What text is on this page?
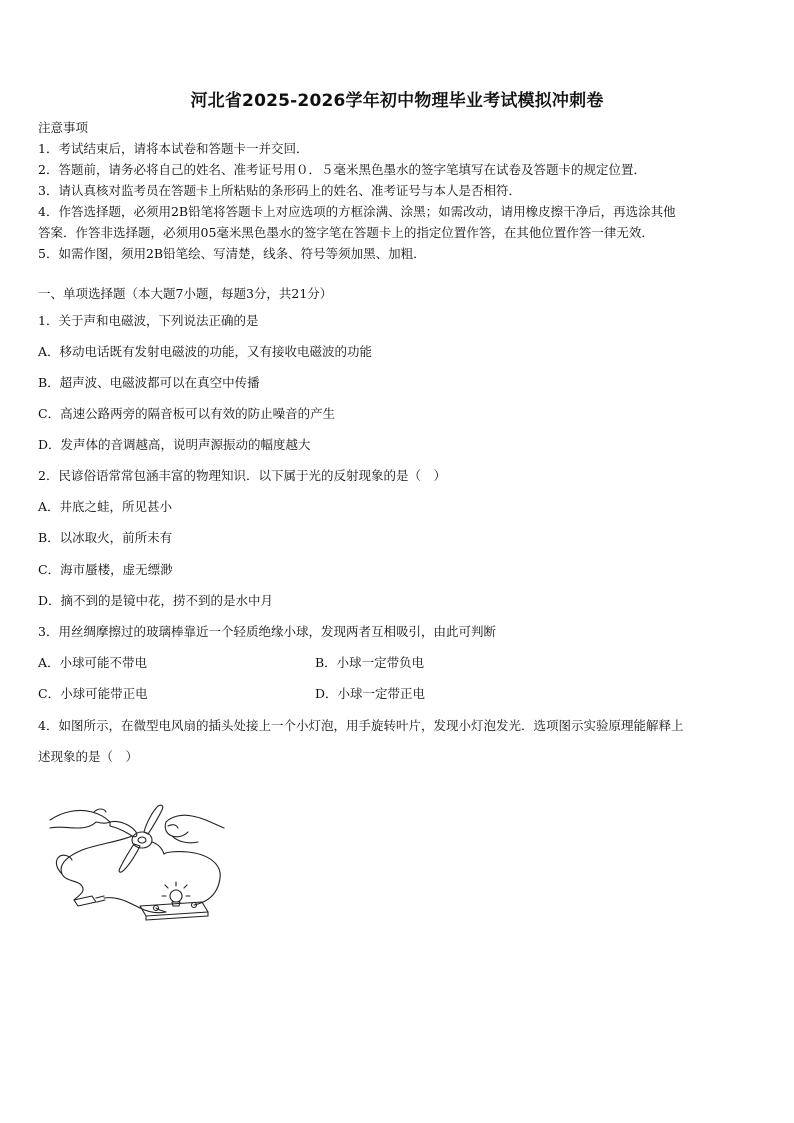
河北省2025-2026学年初中物理毕业考试模拟冲刺卷
注意事项
1．考试结束后，请将本试卷和答题卡一并交回．
2．答题前，请务必将自己的姓名、准考证号用０．５毫米黑色墨水的签字笔填写在试卷及答题卡的规定位置．
3．请认真核对监考员在答题卡上所粘贴的条形码上的姓名、准考证号与本人是否相符．
4．作答选择题，必须用2B铅笔将答题卡上对应选项的方框涂满、涂黑；如需改动，请用橡皮擦干净后，再选涂其他
答案．作答非选择题，必须用05毫米黑色墨水的签字笔在答题卡上的指定位置作答，在其他位置作答一律无效．
5．如需作图，须用2B铅笔绘、写清楚，线条、符号等须加黑、加粗．
一、单项选择题（本大题7小题，每题3分，共21分）
1．关于声和电磁波，下列说法正确的是
A．移动电话既有发射电磁波的功能，又有接收电磁波的功能
B．超声波、电磁波都可以在真空中传播
C．高速公路两旁的隔音板可以有效的防止噪音的产生
D．发声体的音调越高，说明声源振动的幅度越大
2．民谚俗语常常包涵丰富的物理知识．以下属于光的反射现象的是（　）
A．井底之蛙，所见甚小
B．以冰取火，前所未有
C．海市蜃楼，虚无缥渺
D．摘不到的是镜中花，捞不到的是水中月
3．用丝绸摩擦过的玻璃棒靠近一个轻质绝缘小球，发现两者互相吸引，由此可判断
A．小球可能不带电	B．小球一定带负电
C．小球可能带正电	D．小球一定带正电
4．如图所示，在微型电风扇的插头处接上一个小灯泡，用手旋转叶片，发现小灯泡发光．选项图示实验原理能解释上
述现象的是（　）
